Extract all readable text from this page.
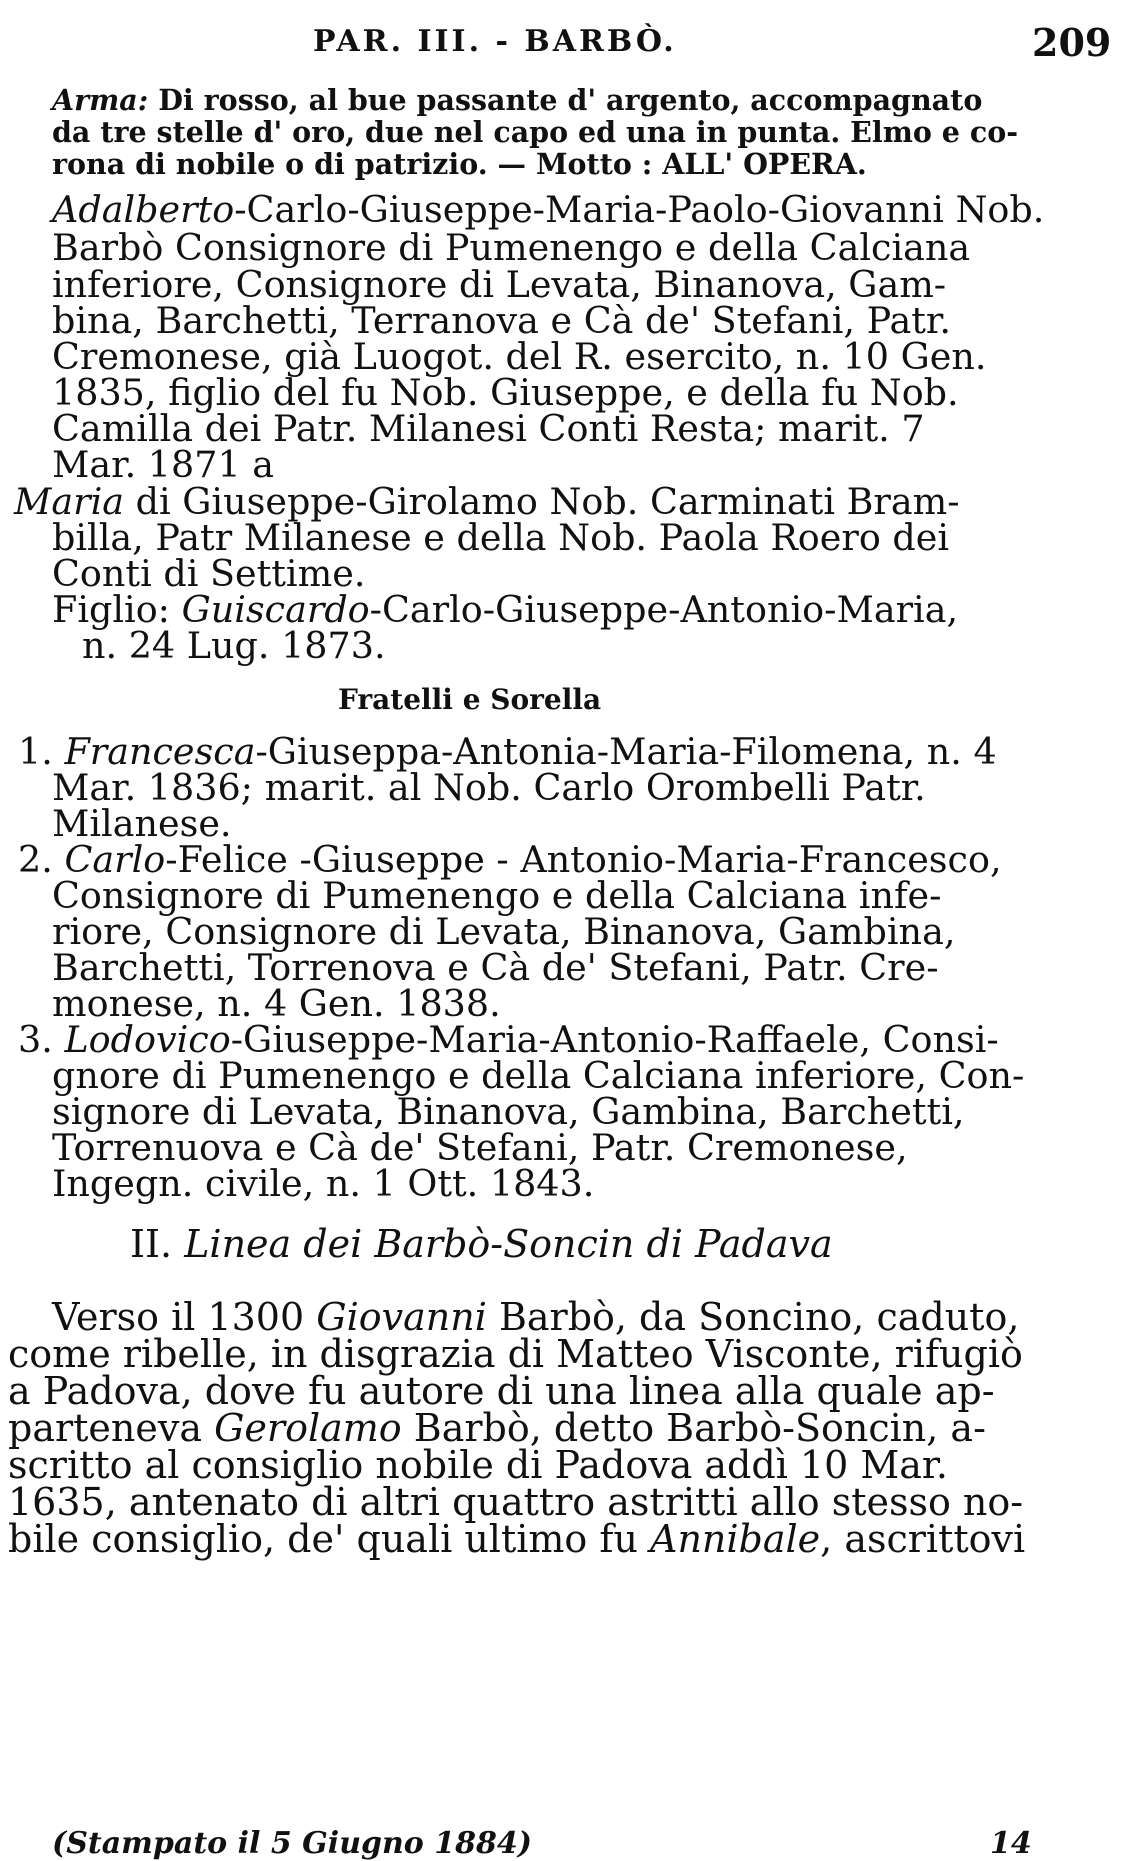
PAR. III. - BARBÒ.	209
Arma: Di rosso, al bue passante d' argento, accompagnato
da tre stelle d' oro, due nel capo ed una in punta. Elmo e co-
rona di nobile o di patrizio. — Motto : ALL' OPERA.
Adalberto-Carlo-Giuseppe-Maria-Paolo-Giovanni Nob.
Barbò Consignore di Pumenengo e della Calciana
inferiore, Consignore di Levata, Binanova, Gam-
bina, Barchetti, Terranova e Cà de' Stefani, Patr.
Cremonese, già Luogot. del R. esercito, n. 10 Gen.
1835, figlio del fu Nob. Giuseppe, e della fu Nob.
Camilla dei Patr. Milanesi Conti Resta; marit. 7
Mar. 1871 a
Maria di Giuseppe-Girolamo Nob. Carminati Bram-
billa, Patr Milanese e della Nob. Paola Roero dei
Conti di Settime.
Figlio: Guiscardo-Carlo-Giuseppe-Antonio-Maria,
n. 24 Lug. 1873.
Fratelli e Sorella
1. Francesca-Giuseppa-Antonia-Maria-Filomena, n. 4
Mar. 1836; marit. al Nob. Carlo Orombelli Patr.
Milanese.
2. Carlo-Felice -Giuseppe - Antonio-Maria-Francesco,
Consignore di Pumenengo e della Calciana infe-
riore, Consignore di Levata, Binanova, Gambina,
Barchetti, Torrenova e Cà de' Stefani, Patr. Cre-
monese, n. 4 Gen. 1838.
3. Lodovico-Giuseppe-Maria-Antonio-Raffaele, Consi-
gnore di Pumenengo e della Calciana inferiore, Con-
signore di Levata, Binanova, Gambina, Barchetti,
Torrenuova e Cà de' Stefani, Patr. Cremonese,
Ingegn. civile, n. 1 Ott. 1843.
II. Linea dei Barbò-Soncin di Padava
Verso il 1300 Giovanni Barbò, da Soncino, caduto,
come ribelle, in disgrazia di Matteo Visconte, rifugiò
a Padova, dove fu autore di una linea alla quale ap-
parteneva Gerolamo Barbò, detto Barbò-Soncin, a-
scritto al consiglio nobile di Padova addì 10 Mar.
1635, antenato di altri quattro astritti allo stesso no-
bile consiglio, de' quali ultimo fu Annibale, ascrittovi
(Stampato il 5 Giugno 1884)	14
